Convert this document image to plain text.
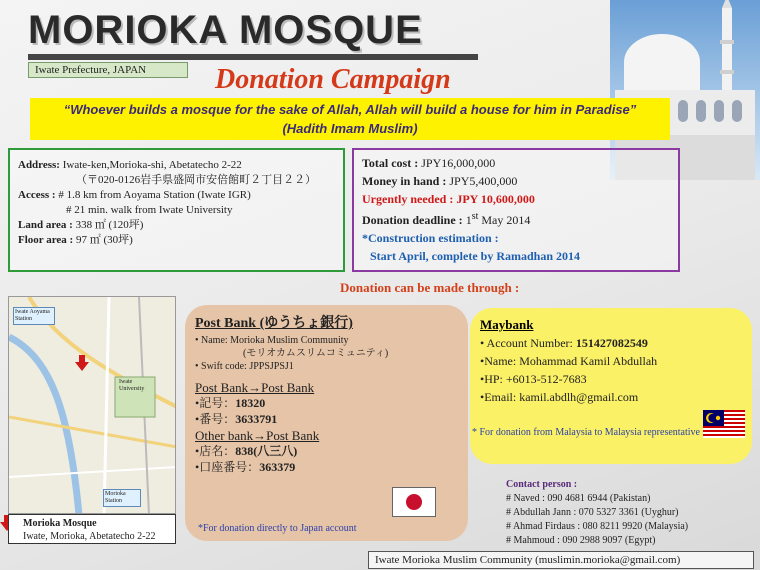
MORIOKA MOSQUE
Iwate Prefecture, JAPAN	Donation Campaign
“Whoever builds a mosque for the sake of Allah, Allah will build a house for him in Paradise”
(Hadith Imam Muslim)
Address: Iwate-ken,Morioka-shi, Abetatecho 2-22
（〒020-0126岩手県盛岡市安倍館町２丁目２２）
Access : # 1.8 km from Aoyama Station (Iwate IGR)
# 21 min. walk from Iwate University
Land area : 338 ㎡ (120坪)
Floor area : 97 ㎡ (30坪)
Total cost : JPY16,000,000
Money in hand : JPY5,400,000
Urgently needed : JPY 10,600,000
Donation deadline : 1st May 2014
*Construction estimation :
Start April, complete by Ramadhan 2014
Donation can be made through :
Iwate Aoyama Station
Iwate University
Morioka Station
Morioka Mosque
Iwate, Morioka, Abetatecho 2-22
Post Bank (ゆうちょ銀行)
• Name: Morioka Muslim Community
(モリオカムスリムコミュニティ)
• Swift code: JPPSJPSJ1
Post Bank→Post Bank
•記号：18320
•番号：3633791
Other bank→Post Bank
•店名：838(八三八)
•口座番号：363379
*For donation directly to Japan account
Maybank
• Account Number: 151427082549
•Name: Mohammad Kamil Abdullah
•HP: +6013-512-7683
•Email: kamil.abdlh@gmail.com
* For donation from Malaysia to Malaysia representative
Contact person :
# Naved : 090 4681 6944 (Pakistan)
# Abdullah Jann : 070 5327 3361 (Uyghur)
# Ahmad Firdaus : 080 8211 9920 (Malaysia)
# Mahmoud : 090 2988 9097 (Egypt)
Iwate Morioka Muslim Community (muslimin.morioka@gmail.com)
